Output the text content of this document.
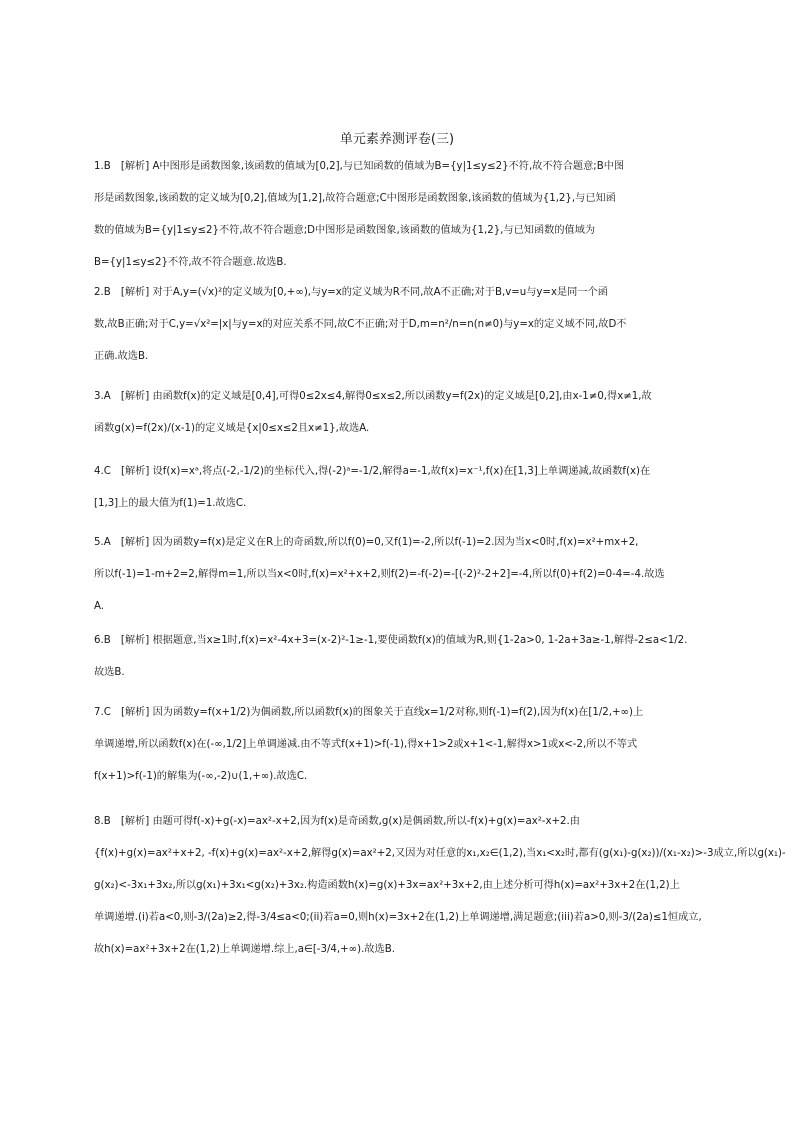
单元素养测评卷(三)
1.B　[解析] A中图形是函数图象,该函数的值域为[0,2],与已知函数的值域为B={y|1≤y≤2}不符,故不符合题意;B中图
形是函数图象,该函数的定义域为[0,2],值域为[1,2],故符合题意;C中图形是函数图象,该函数的值域为{1,2},与已知函
数的值域为B={y|1≤y≤2}不符,故不符合题意;D中图形是函数图象,该函数的值域为{1,2},与已知函数的值域为
B={y|1≤y≤2}不符,故不符合题意.故选B.
2.B　[解析] 对于A,y=(√x)²的定义域为[0,+∞),与y=x的定义域为R不同,故A不正确;对于B,v=u与y=x是同一个函
数,故B正确;对于C,y=√x²=|x|与y=x的对应关系不同,故C不正确;对于D,m=n²/n=n(n≠0)与y=x的定义域不同,故D不
正确.故选B.
3.A　[解析] 由函数f(x)的定义域是[0,4],可得0≤2x≤4,解得0≤x≤2,所以函数y=f(2x)的定义域是[0,2],由x-1≠0,得x≠1,故
函数g(x)=f(2x)/(x-1)的定义域是{x|0≤x≤2且x≠1},故选A.
4.C　[解析] 设f(x)=xᵃ,将点(-2,-1/2)的坐标代入,得(-2)ᵃ=-1/2,解得a=-1,故f(x)=x⁻¹,f(x)在[1,3]上单调递减,故函数f(x)在
[1,3]上的最大值为f(1)=1.故选C.
5.A　[解析] 因为函数y=f(x)是定义在R上的奇函数,所以f(0)=0,又f(1)=-2,所以f(-1)=2.因为当x<0时,f(x)=x²+mx+2,
所以f(-1)=1-m+2=2,解得m=1,所以当x<0时,f(x)=x²+x+2,则f(2)=-f(-2)=-[(-2)²-2+2]=-4,所以f(0)+f(2)=0-4=-4.故选
A.
6.B　[解析] 根据题意,当x≥1时,f(x)=x²-4x+3=(x-2)²-1≥-1,要使函数f(x)的值域为R,则{1-2a>0, 1-2a+3a≥-1,解得-2≤a<1/2.
故选B.
7.C　[解析] 因为函数y=f(x+1/2)为偶函数,所以函数f(x)的图象关于直线x=1/2对称,则f(-1)=f(2),因为f(x)在[1/2,+∞)上
单调递增,所以函数f(x)在(-∞,1/2]上单调递减.由不等式f(x+1)>f(-1),得x+1>2或x+1<-1,解得x>1或x<-2,所以不等式
f(x+1)>f(-1)的解集为(-∞,-2)∪(1,+∞).故选C.
8.B　[解析] 由题可得f(-x)+g(-x)=ax²-x+2,因为f(x)是奇函数,g(x)是偶函数,所以-f(x)+g(x)=ax²-x+2.由
{f(x)+g(x)=ax²+x+2, -f(x)+g(x)=ax²-x+2,解得g(x)=ax²+2,又因为对任意的x₁,x₂∈(1,2),当x₁<x₂时,都有(g(x₁)-g(x₂))/(x₁-x₂)>-3成立,所以g(x₁)-
g(x₂)<-3x₁+3x₂,所以g(x₁)+3x₁<g(x₂)+3x₂.构造函数h(x)=g(x)+3x=ax²+3x+2,由上述分析可得h(x)=ax²+3x+2在(1,2)上
单调递增.(i)若a<0,则-3/(2a)≥2,得-3/4≤a<0;(ii)若a=0,则h(x)=3x+2在(1,2)上单调递增,满足题意;(iii)若a>0,则-3/(2a)≤1恒成立,
故h(x)=ax²+3x+2在(1,2)上单调递增.综上,a∈[-3/4,+∞).故选B.
